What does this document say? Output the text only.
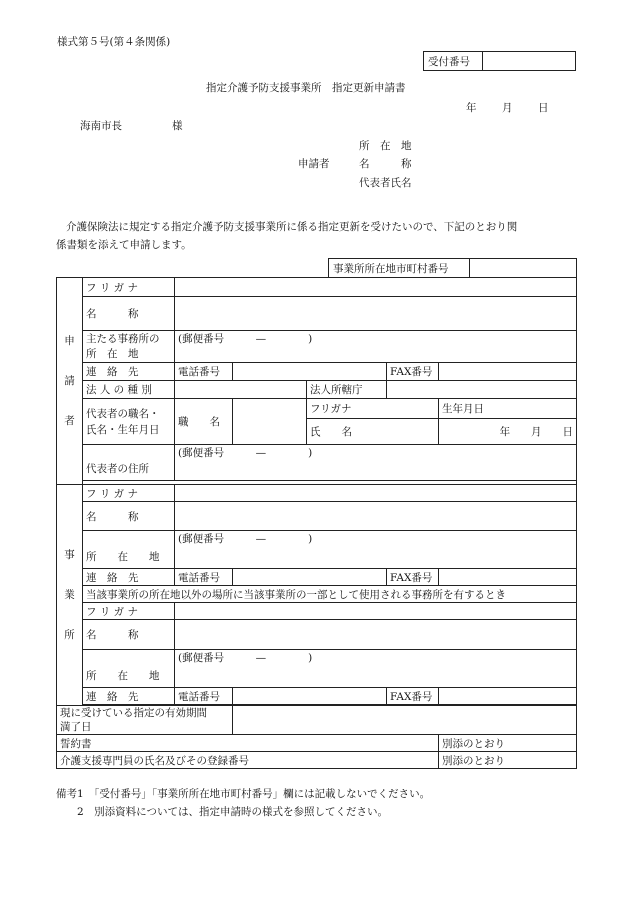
様式第５号(第４条関係)
受付番号	
指定介護予防支援事業所　指定更新申請書
年 月 日
海南市長	様
所　在　地
申請者	名　　　称
代表者氏名
介護保険法に規定する指定介護予防支援事業所に係る指定更新を受けたいので、下記のとおり関
係書類を添えて申請します。
事業所所在地市町村番号	
申
請
者	フ リ ガ ナ					
	名　　　称					

	主たる事務所の
所　在　地	(郵便番号　　　—　　　　)				
	連　絡　先	電話番号			FAX番号	
	法 人 の 種 別			法人所轄庁		

	代表者の職名・
氏名・生年月日	職　　名		フリガナ		生年月日
				氏　　名		年　　月　　日
	代表者の住所	(郵便番号　　　—　　　　)				

事
業
所	フ リ ガ ナ					
	名　　　称					
	所　　在　　地	(郵便番号　　　—　　　　)				
	連　絡　先	電話番号			FAX番号	
	当該事業所の所在地以外の場所に当該事業所の一部として使用される事務所を有するとき					
	フ リ ガ ナ					
	名　　　称					
	所　　在　　地	(郵便番号　　　—　　　　)				
	連　絡　先	電話番号			FAX番号	

現に受けている指定の有効期間
満了日						

誓約書						別添のとおり
介護支援専門員の氏名及びその登録番号						別添のとおり
備考1　「受付番号」「事業所所在地市町村番号」欄には記載しないでください。
　　2　別添資料については、指定申請時の様式を参照してください。
